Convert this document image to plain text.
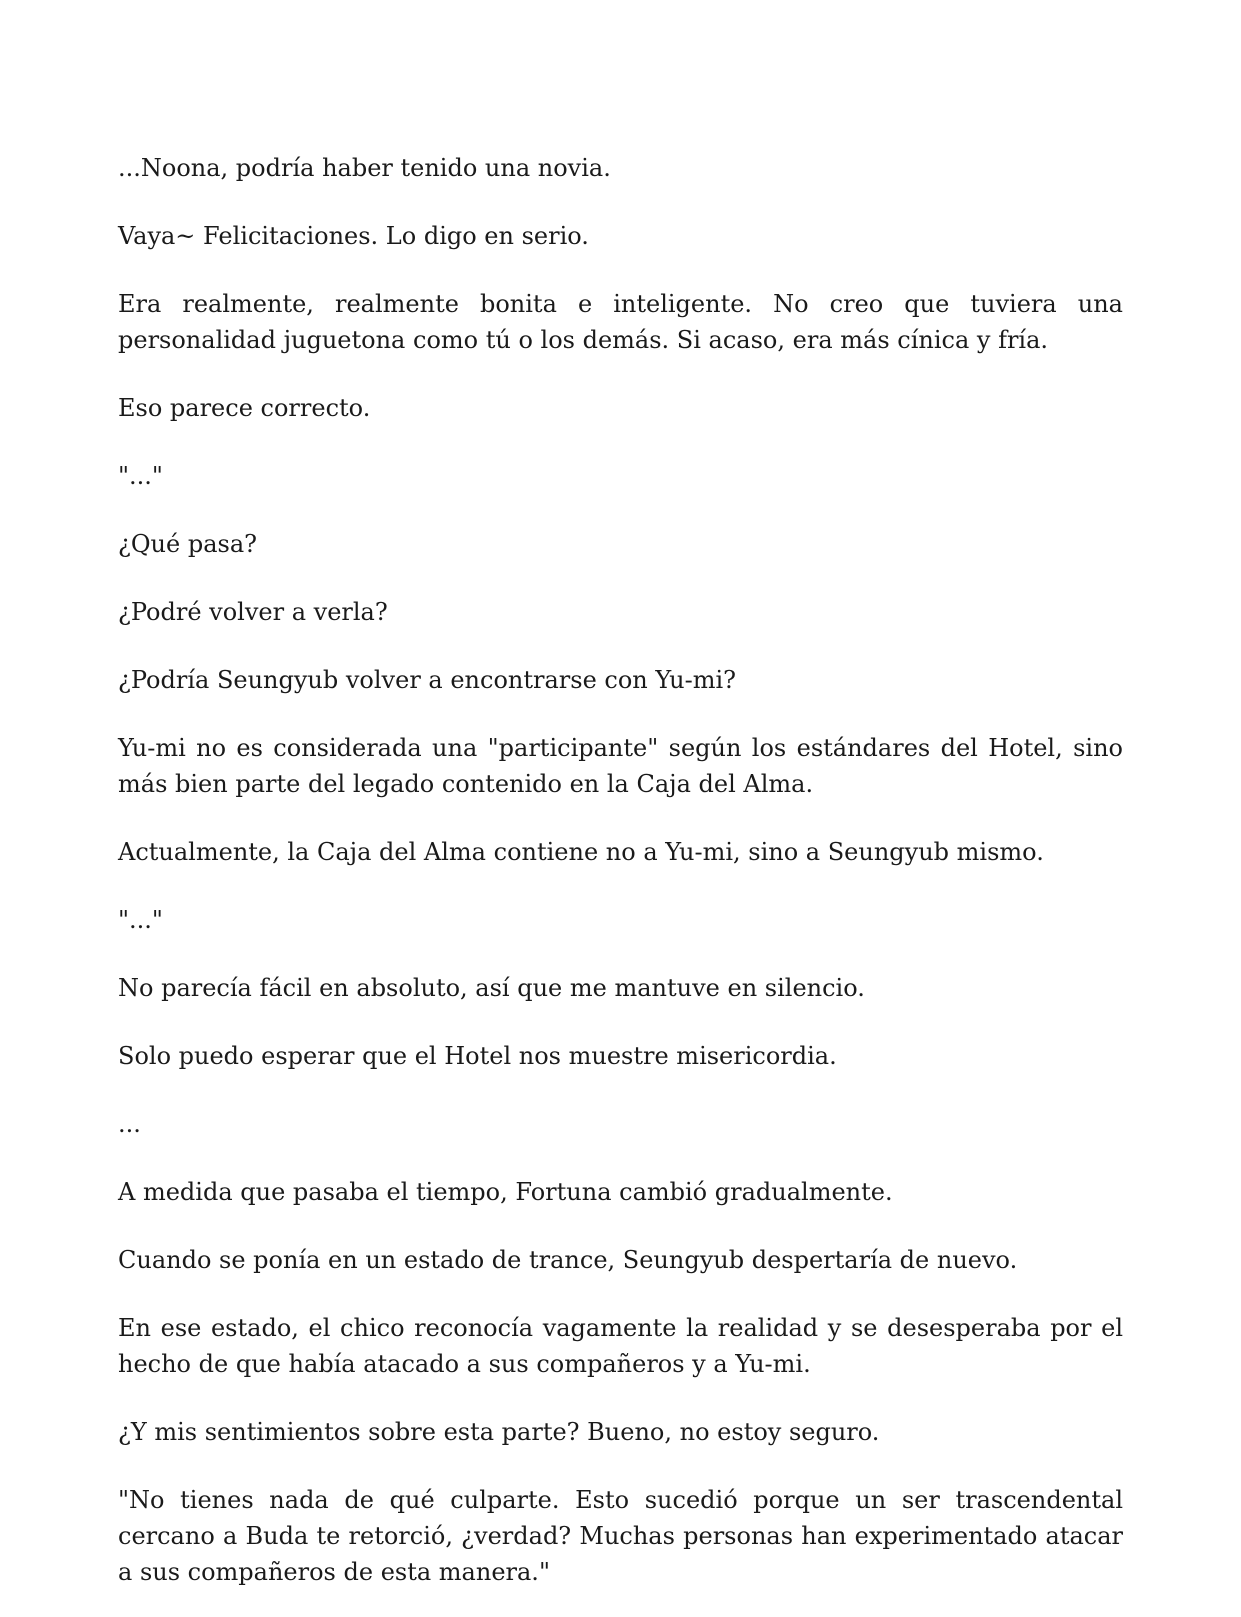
...Noona, podría haber tenido una novia.

Vaya~ Felicitaciones. Lo digo en serio.

Era realmente, realmente bonita e inteligente. No creo que tuviera una personalidad juguetona como tú o los demás. Si acaso, era más cínica y fría.

Eso parece correcto.

"..."

¿Qué pasa?

¿Podré volver a verla?

¿Podría Seungyub volver a encontrarse con Yu-mi?

Yu-mi no es considerada una "participante" según los estándares del Hotel, sino más bien parte del legado contenido en la Caja del Alma.

Actualmente, la Caja del Alma contiene no a Yu-mi, sino a Seungyub mismo.

"..."

No parecía fácil en absoluto, así que me mantuve en silencio.

Solo puedo esperar que el Hotel nos muestre misericordia.

...

A medida que pasaba el tiempo, Fortuna cambió gradualmente.

Cuando se ponía en un estado de trance, Seungyub despertaría de nuevo.

En ese estado, el chico reconocía vagamente la realidad y se desesperaba por el hecho de que había atacado a sus compañeros y a Yu-mi.

¿Y mis sentimientos sobre esta parte? Bueno, no estoy seguro.

"No tienes nada de qué culparte. Esto sucedió porque un ser trascendental cercano a Buda te retorció, ¿verdad? Muchas personas han experimentado atacar a sus compañeros de esta manera."
